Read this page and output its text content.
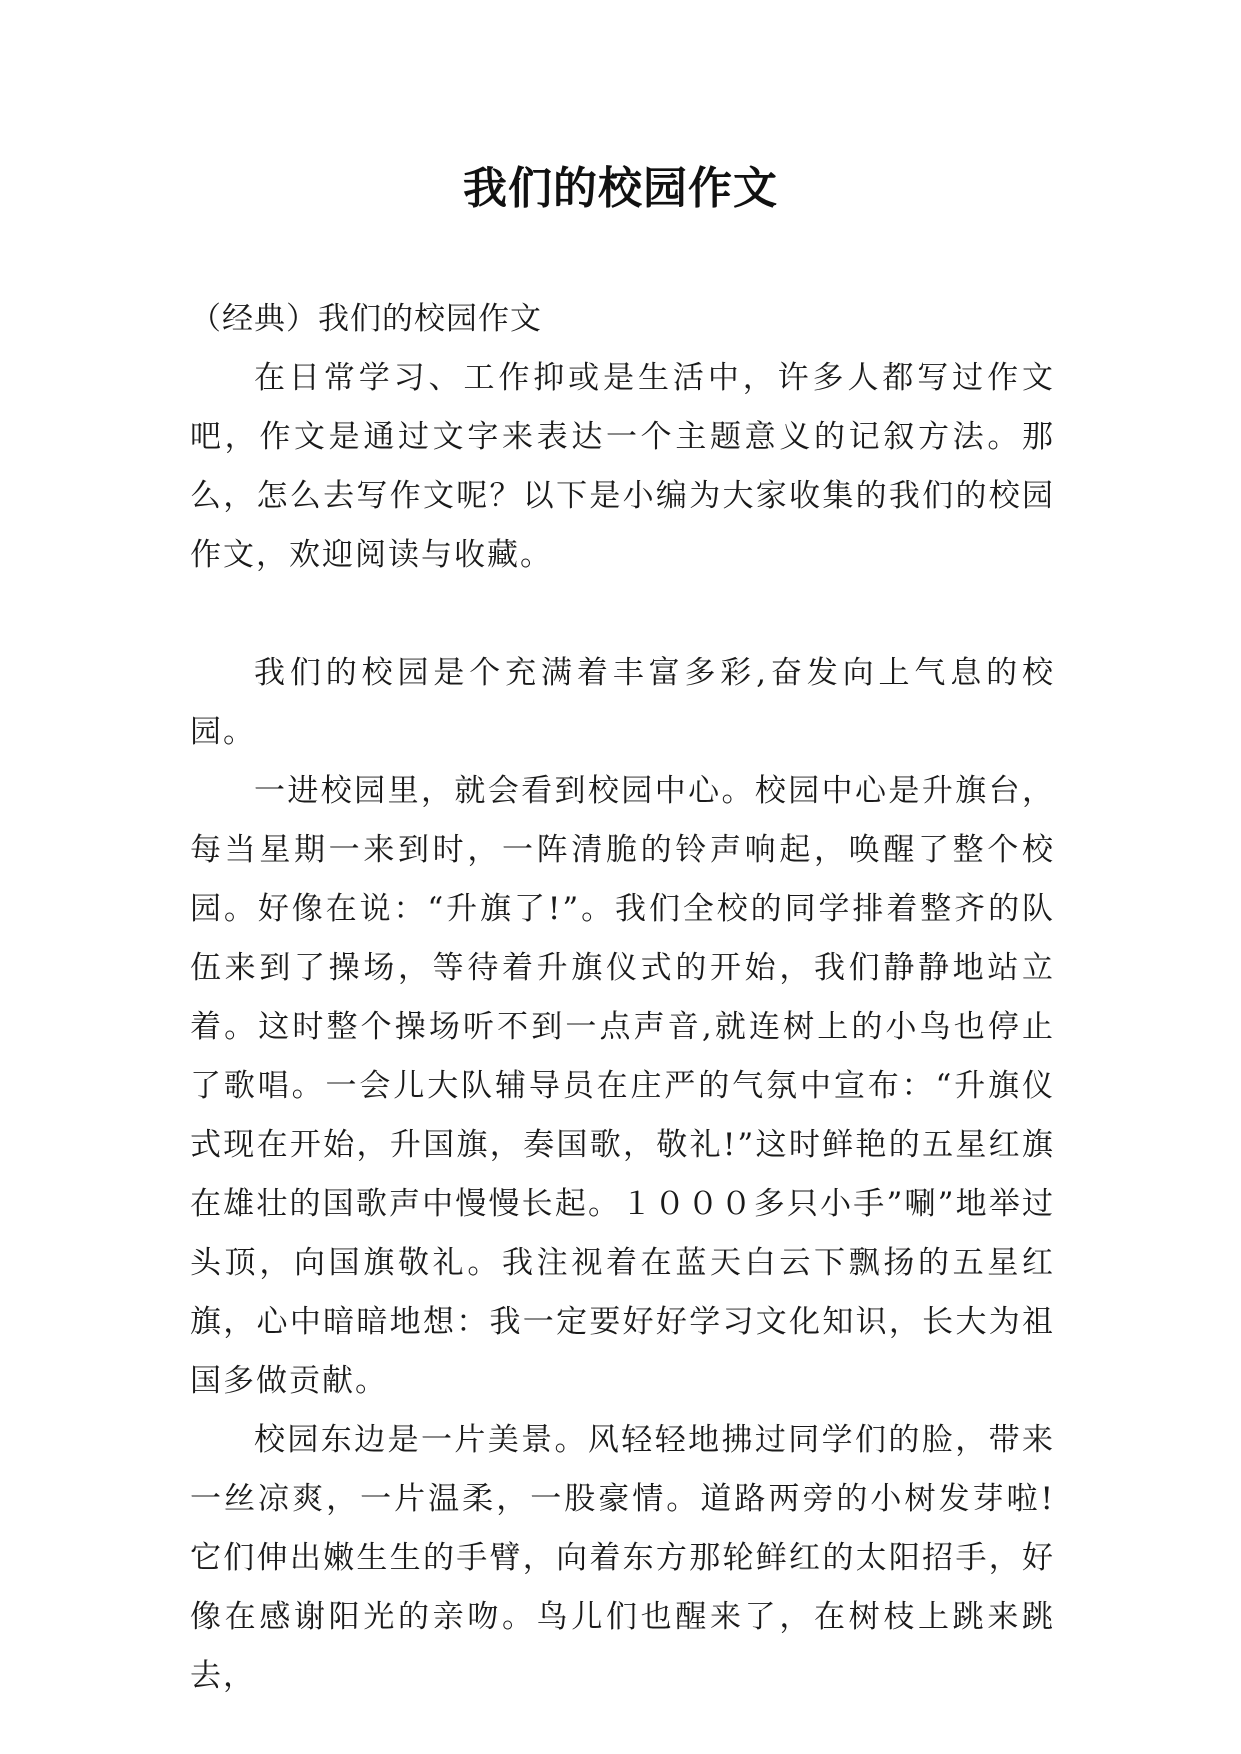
我们的校园作文

（经典）我们的校园作文

在日常学习、工作抑或是生活中，许多人都写过作文吧，作文是通过文字来表达一个主题意义的记叙方法。那么，怎么去写作文呢？以下是小编为大家收集的我们的校园作文，欢迎阅读与收藏。

我们的校园是个充满着丰富多彩,奋发向上气息的校园。

一进校园里，就会看到校园中心。校园中心是升旗台，每当星期一来到时，一阵清脆的铃声响起，唤醒了整个校园。好像在说：“升旗了!”。我们全校的同学排着整齐的队伍来到了操场，等待着升旗仪式的开始，我们静静地站立着。这时整个操场听不到一点声音,就连树上的小鸟也停止了歌唱。一会儿大队辅导员在庄严的气氛中宣布：“升旗仪式现在开始，升国旗，奏国歌，敬礼!”这时鲜艳的五星红旗在雄壮的国歌声中慢慢长起。１０００多只小手”唰”地举过头顶，向国旗敬礼。我注视着在蓝天白云下飘扬的五星红旗，心中暗暗地想：我一定要好好学习文化知识，长大为祖国多做贡献。

校园东边是一片美景。风轻轻地拂过同学们的脸，带来一丝凉爽，一片温柔，一股豪情。道路两旁的小树发芽啦!它们伸出嫩生生的手臂，向着东方那轮鲜红的太阳招手，好像在感谢阳光的亲吻。鸟儿们也醒来了，在树枝上跳来跳去，
